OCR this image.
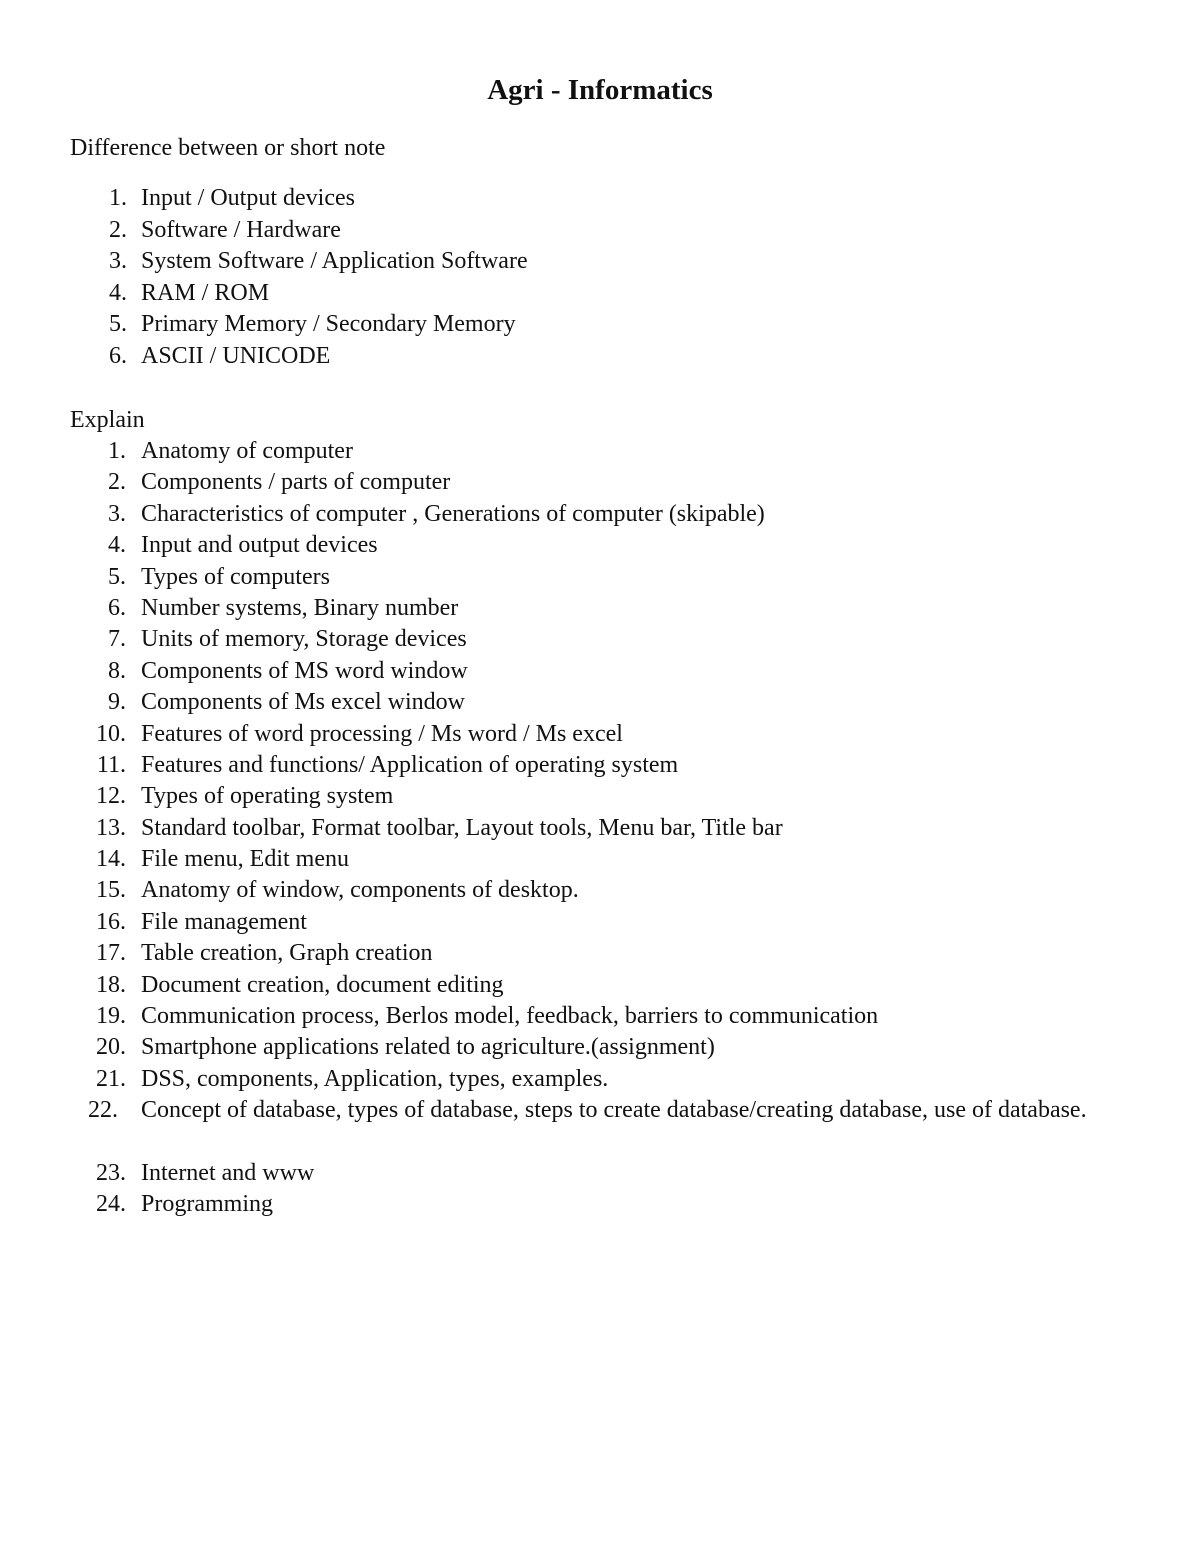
Agri - Informatics
Difference between or short note
1. Input / Output devices
2. Software / Hardware
3. System Software / Application Software
4. RAM / ROM
5. Primary Memory / Secondary Memory
6. ASCII / UNICODE
Explain
1. Anatomy of computer
2. Components / parts of computer
3. Characteristics of computer , Generations of computer (skipable)
4. Input and output devices
5. Types of computers
6. Number systems, Binary number
7. Units of memory, Storage devices
8. Components of MS word window
9. Components of Ms excel window
10. Features of word processing / Ms word / Ms excel
11. Features and functions/ Application of operating system
12. Types of operating system
13. Standard toolbar, Format toolbar, Layout tools, Menu bar, Title bar
14. File menu, Edit menu
15. Anatomy of window, components of desktop.
16. File management
17. Table creation, Graph creation
18. Document creation, document editing
19. Communication process, Berlos model, feedback, barriers to communication
20. Smartphone applications related to agriculture.(assignment)
21. DSS, components, Application, types, examples.
22. Concept of database, types of database, steps to create database/creating database, use of database.
23. Internet and www
24. Programming
